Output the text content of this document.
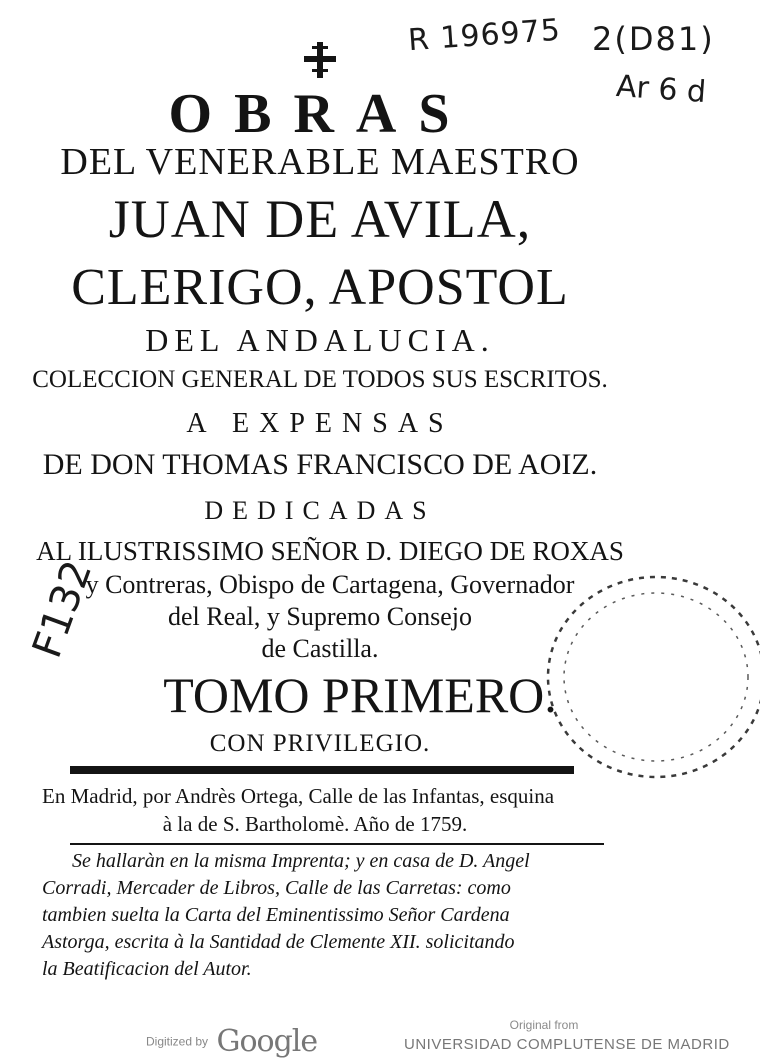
R 196975 2(D81)
Ar 6 d
F132
OBRAS
DEL VENERABLE MAESTRO
JUAN DE AVILA,
CLERIGO, APOSTOL
DEL ANDALUCIA.
COLECCION GENERAL DE TODOS SUS ESCRITOS.
A EXPENSAS
DE DON THOMAS FRANCISCO DE AOIZ.
DEDICADAS
AL ILUSTRISSIMO SEÑOR D. DIEGO DE ROXAS
y Contreras, Obispo de Cartagena, Governador
del Real, y Supremo Consejo
de Castilla.
TOMO PRIMERO.
CON PRIVILEGIO.
En Madrid, por Andrès Ortega, Calle de las Infantas, esquina
à la de S. Bartholomè. Año de 1759.
Se hallaràn en la misma Imprenta; y en casa de D. Angel
Corradi, Mercader de Libros, Calle de las Carretas: como
tambien suelta la Carta del Eminentissimo Señor Cardena
Astorga, escrita à la Santidad de Clemente XII. solicitando
la Beatificacion del Autor.
Digitized by Google	Original from
UNIVERSIDAD COMPLUTENSE DE MADRID
